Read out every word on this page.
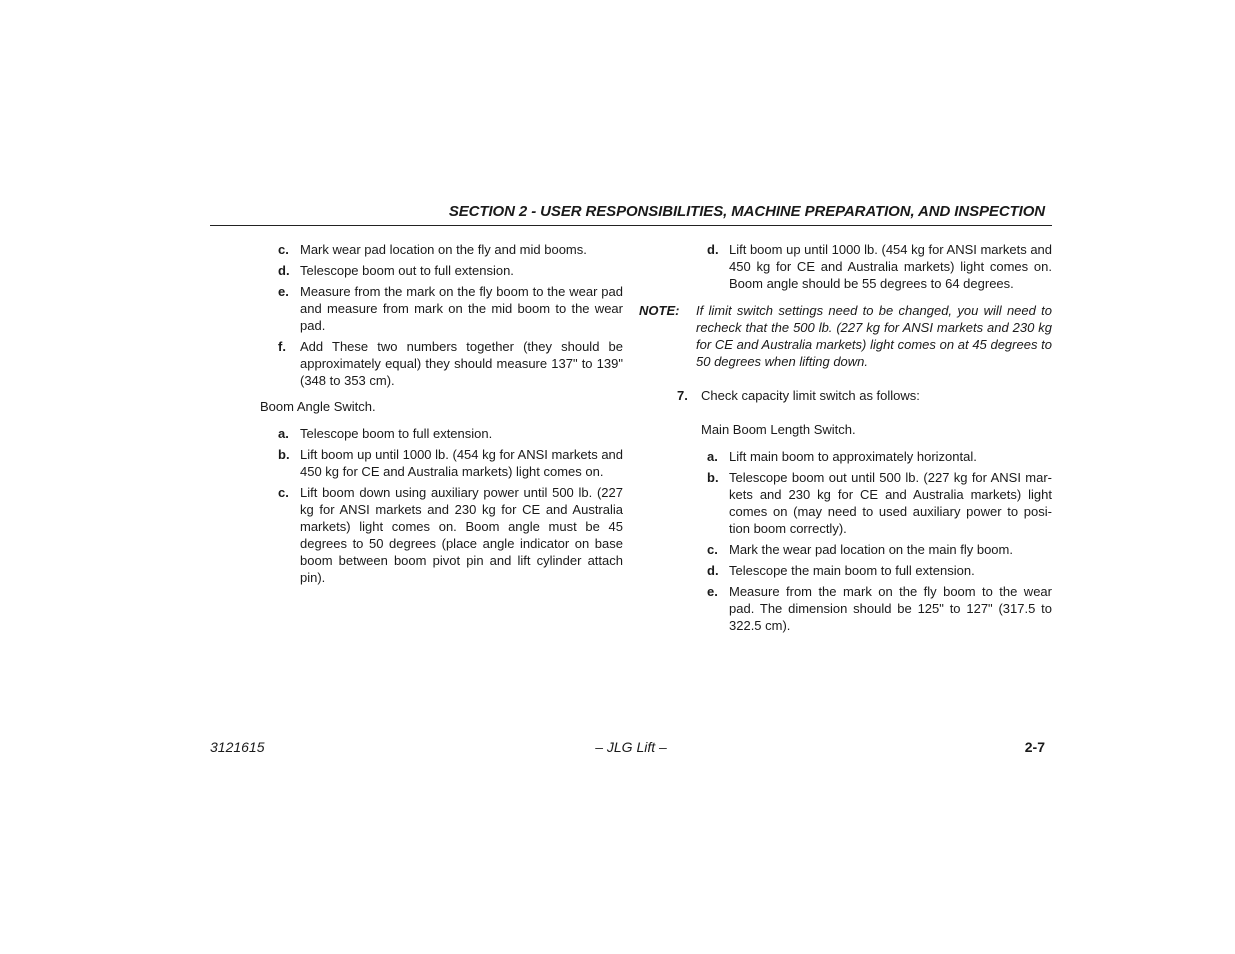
SECTION 2 - USER RESPONSIBILITIES, MACHINE PREPARATION, AND INSPECTION
c. Mark wear pad location on the fly and mid booms.
d. Telescope boom out to full extension.
e. Measure from the mark on the fly boom to the wear pad and measure from mark on the mid boom to the wear pad.
f. Add These two numbers together (they should be approximately equal) they should measure 137" to 139" (348 to 353 cm).

Boom Angle Switch.

a. Telescope boom to full extension.
b. Lift boom up until 1000 lb. (454 kg for ANSI markets and 450 kg for CE and Australia markets) light comes on.
c. Lift boom down using auxiliary power until 500 lb. (227 kg for ANSI markets and 230 kg for CE and Australia markets) light comes on. Boom angle must be 45 degrees to 50 degrees (place angle indicator on base boom between boom pivot pin and lift cylinder attach pin).
d. Lift boom up until 1000 lb. (454 kg for ANSI markets and 450 kg for CE and Australia markets) light comes on. Boom angle should be 55 degrees to 64 degrees.
NOTE: If limit switch settings need to be changed, you will need to recheck that the 500 lb. (227 kg for ANSI markets and 230 kg for CE and Australia markets) light comes on at 45 degrees to 50 degrees when lifting down.
7. Check capacity limit switch as follows:
Main Boom Length Switch.
a. Lift main boom to approximately horizontal.
b. Telescope boom out until 500 lb. (227 kg for ANSI mar- kets and 230 kg for CE and Australia markets) light comes on (may need to used auxiliary power to posi- tion boom correctly).
c. Mark the wear pad location on the main fly boom.
d. Telescope the main boom to full extension.
e. Measure from the mark on the fly boom to the wear pad. The dimension should be 125" to 127" (317.5 to 322.5 cm).
3121615	– JLG Lift –	2-7
